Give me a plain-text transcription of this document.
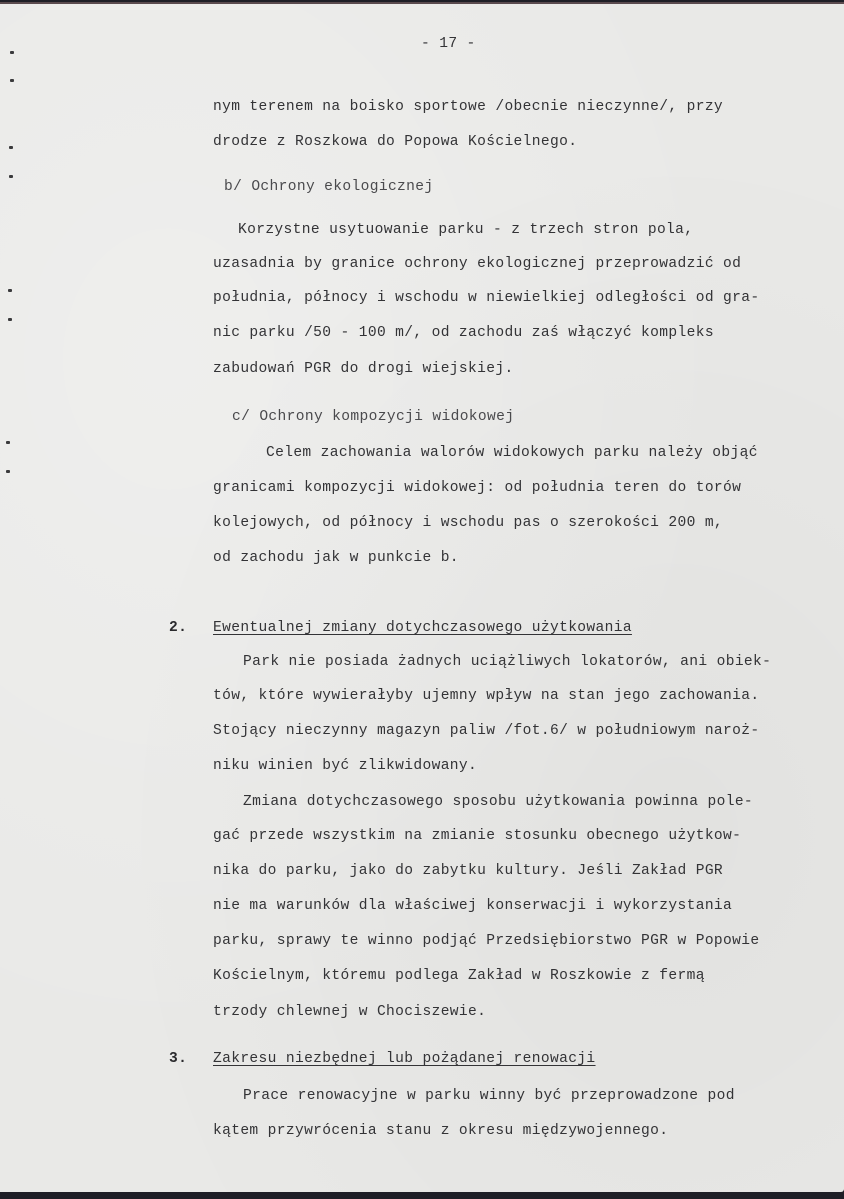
- 17 -
nym terenem na boisko sportowe /obecnie nieczynne/, przy
drodze z Roszkowa do Popowa Kościelnego.
b/ Ochrony ekologicznej
Korzystne usytuowanie parku - z trzech stron pola,
uzasadnia by granice ochrony ekologicznej przeprowadzić od
południa, północy i wschodu w niewielkiej odległości od gra-
nic parku /50 - 100 m/, od zachodu zaś włączyć kompleks
zabudowań PGR do drogi wiejskiej.
c/ Ochrony kompozycji widokowej
Celem zachowania walorów widokowych parku należy objąć
granicami kompozycji widokowej: od południa teren do torów
kolejowych, od północy i wschodu pas o szerokości 200 m,
od zachodu jak w punkcie b.
2. Ewentualnej zmiany dotychczasowego użytkowania
Park nie posiada żadnych uciążliwych lokatorów, ani obiek-
tów, które wywierałyby ujemny wpływ na stan jego zachowania.
Stojący nieczynny magazyn paliw /fot.6/ w południowym naroż-
niku winien być zlikwidowany.
Zmiana dotychczasowego sposobu użytkowania powinna pole-
gać przede wszystkim na zmianie stosunku obecnego użytkow-
nika do parku, jako do zabytku kultury. Jeśli Zakład PGR
nie ma warunków dla właściwej konserwacji i wykorzystania
parku, sprawy te winno podjąć Przedsiębiorstwo PGR w Popowie
Kościelnym, któremu podlega Zakład w Roszkowie z fermą
trzody chlewnej w Chociszewie.
3. Zakresu niezbędnej lub pożądanej renowacji
Prace renowacyjne w parku winny być przeprowadzone pod
kątem przywrócenia stanu z okresu międzywojennego.
